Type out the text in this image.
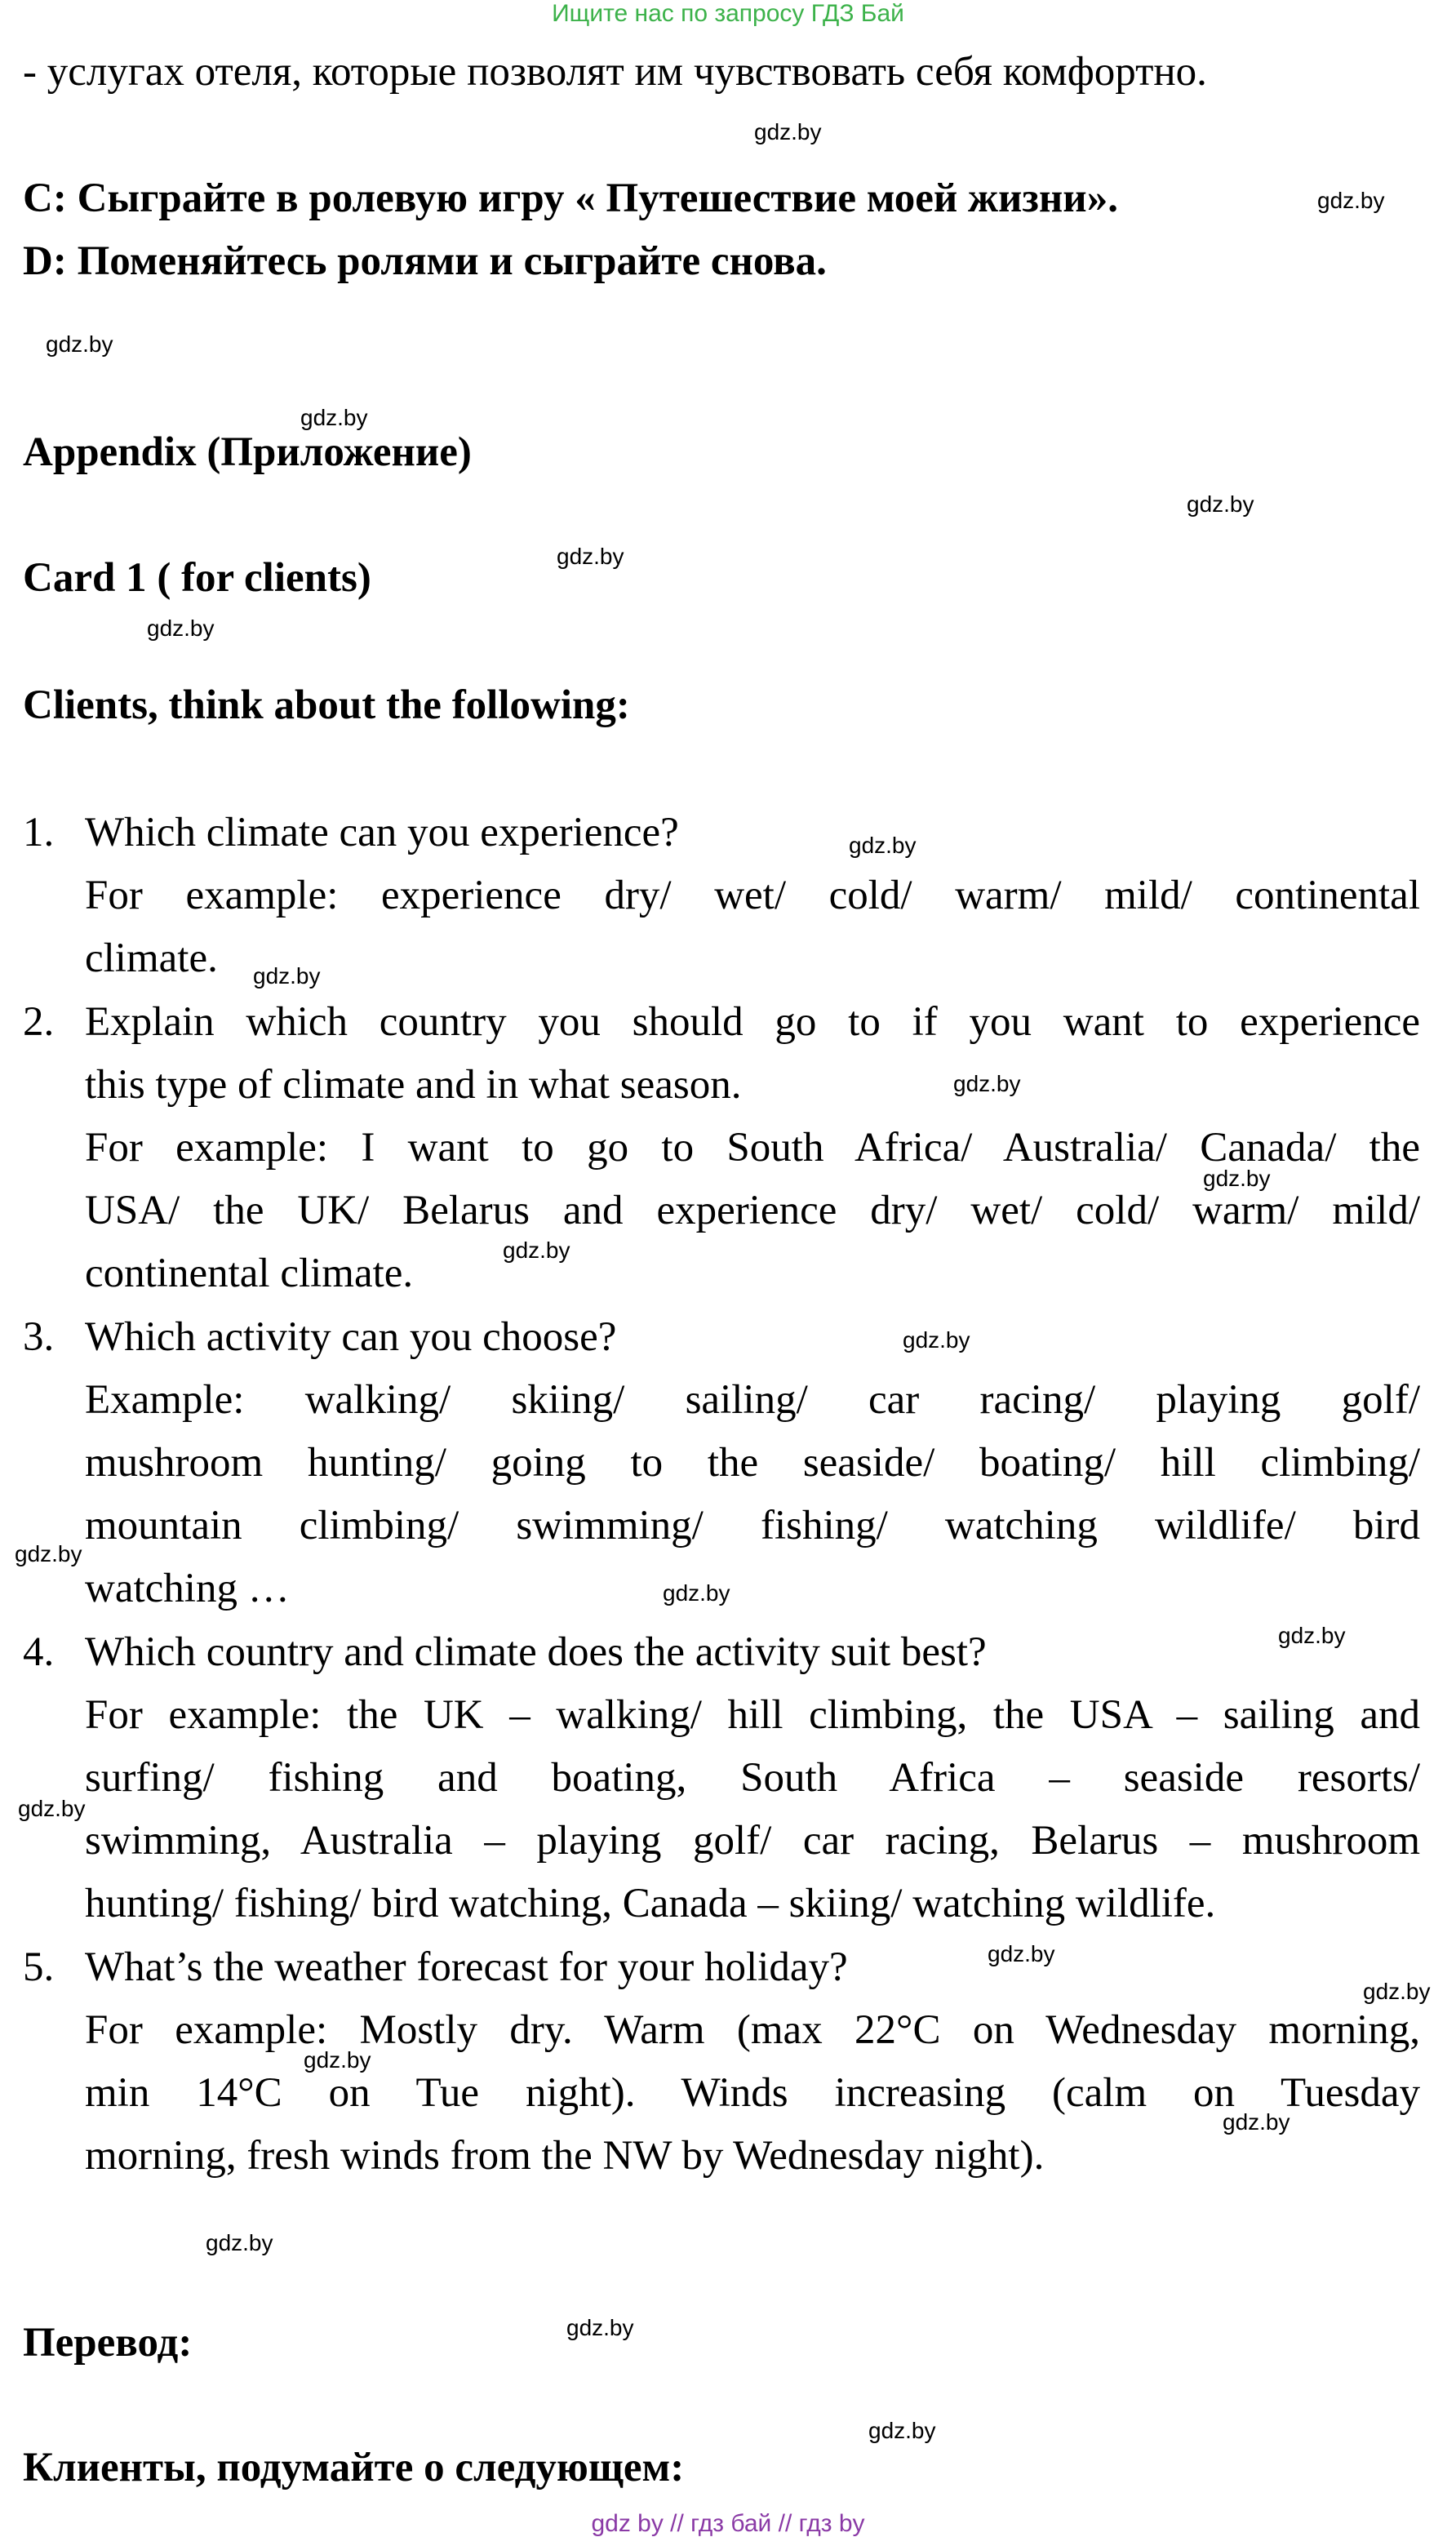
Ищите нас по запросу ГДЗ Бай
- услугах отеля, которые позволят им чувствовать себя комфортно.
C: Сыграйте в ролевую игру « Путешествие моей жизни».
D: Поменяйтесь ролями и сыграйте снова.
Appendix (Приложение)
Card 1 ( for clients)
Clients, think about the following:
1. Which climate can you experience?
For example: experience dry/ wet/ cold/ warm/ mild/ continental
climate.
2. Explain which country you should go to if you want to experience
this type of climate and in what season.
For example: I want to go to South Africa/ Australia/ Canada/ the
USA/ the UK/ Belarus and experience dry/ wet/ cold/ warm/ mild/
continental climate.
3. Which activity can you choose?
Example: walking/ skiing/ sailing/ car racing/ playing golf/
mushroom hunting/ going to the seaside/ boating/ hill climbing/
mountain climbing/ swimming/ fishing/ watching wildlife/ bird
watching …
4. Which country and climate does the activity suit best?
For example: the UK – walking/ hill climbing, the USA – sailing and
surfing/ fishing and boating, South Africa – seaside resorts/
swimming, Australia – playing golf/ car racing, Belarus – mushroom
hunting/ fishing/ bird watching, Canada – skiing/ watching wildlife.
5. What’s the weather forecast for your holiday?
For example: Mostly dry. Warm (max 22°C on Wednesday morning,
min 14°C on Tue night). Winds increasing (calm on Tuesday
morning, fresh winds from the NW by Wednesday night).
Перевод:
Клиенты, подумайте о следующем:
gdz.by
gdz.by
gdz.by
gdz.by
gdz.by
gdz.by
gdz.by
gdz.by
gdz.by
gdz.by
gdz.by
gdz.by
gdz.by
gdz.by
gdz.by
gdz.by
gdz.by
gdz.by
gdz.by
gdz.by
gdz.by
gdz.by
gdz.by
gdz.by
gdz by // гдз бай // гдз by
